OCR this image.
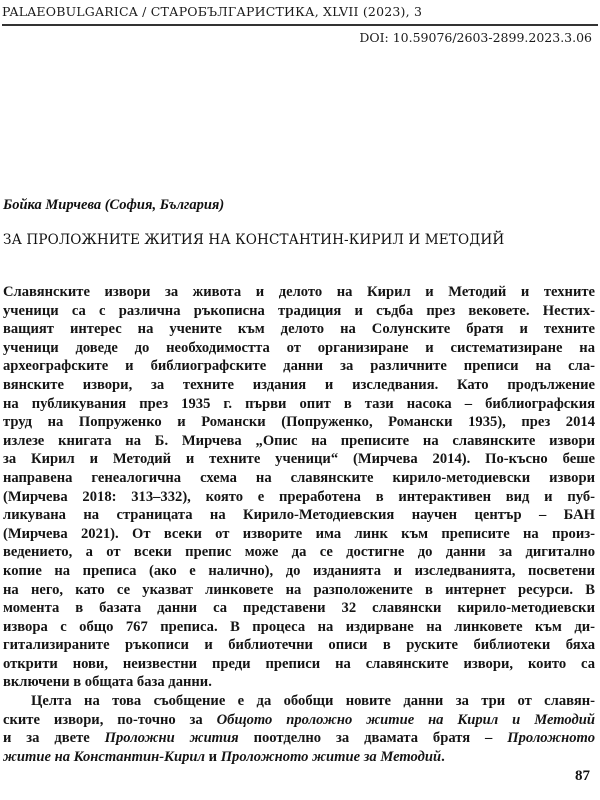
PALAEOBULGARICA / СТАРОБЪЛГАРИСТИКА, XLVII (2023), 3
DOI: 10.59076/2603-2899.2023.3.06
Бойка Мирчева (София, България)
ЗА ПРОЛОЖНИТЕ ЖИТИЯ НА КОНСТАНТИН-КИРИЛ И МЕТОДИЙ
Славянските извори за живота и делото на Кирил и Методий и техните
ученици са с различна ръкописна традиция и съдба през вековете. Нестих-
ващият интерес на учените към делото на Солунските братя и техните
ученици доведе до необходимостта от организиране и систематизиране на
археографските и библиографските данни за различните преписи на сла-
вянските извори, за техните издания и изследвания. Като продължение
на публикувания през 1935 г. първи опит в тази насока – библиографския
труд на Попруженко и Романски (Попруженко, Романски 1935), през 2014
излезе книгата на Б. Мирчева „Опис на преписите на славянските извори
за Кирил и Методий и техните ученици“ (Мирчева 2014). По-късно беше
направена генеалогична схема на славянските кирило-методиевски извори
(Мирчева 2018: 313–332), която е преработена в интерактивен вид и пуб-
ликувана на страницата на Кирило-Методиевския научен център – БАН
(Мирчева 2021). От всеки от изворите има линк към преписите на произ-
ведението, а от всеки препис може да се достигне до данни за дигитално
копие на преписа (ако е налично), до изданията и изследванията, посветени
на него, като се указват линковете на разположените в интернет ресурси. В
момента в базата данни са представени 32 славянски кирило-методиевски
извора с общо 767 преписа. В процеса на издирване на линковете към ди-
гитализираните ръкописи и библиотечни описи в руските библиотеки бяха
открити нови, неизвестни преди преписи на славянските извори, които са
включени в общата база данни.
Целта на това съобщение е да обобщи новите данни за три от славян-
ските извори, по-точно за Общото проложно житие на Кирил и Методий
и за двете Проложни жития поотделно за двамата братя – Проложното
житие на Константин-Кирил и Проложното житие за Методий.
87
